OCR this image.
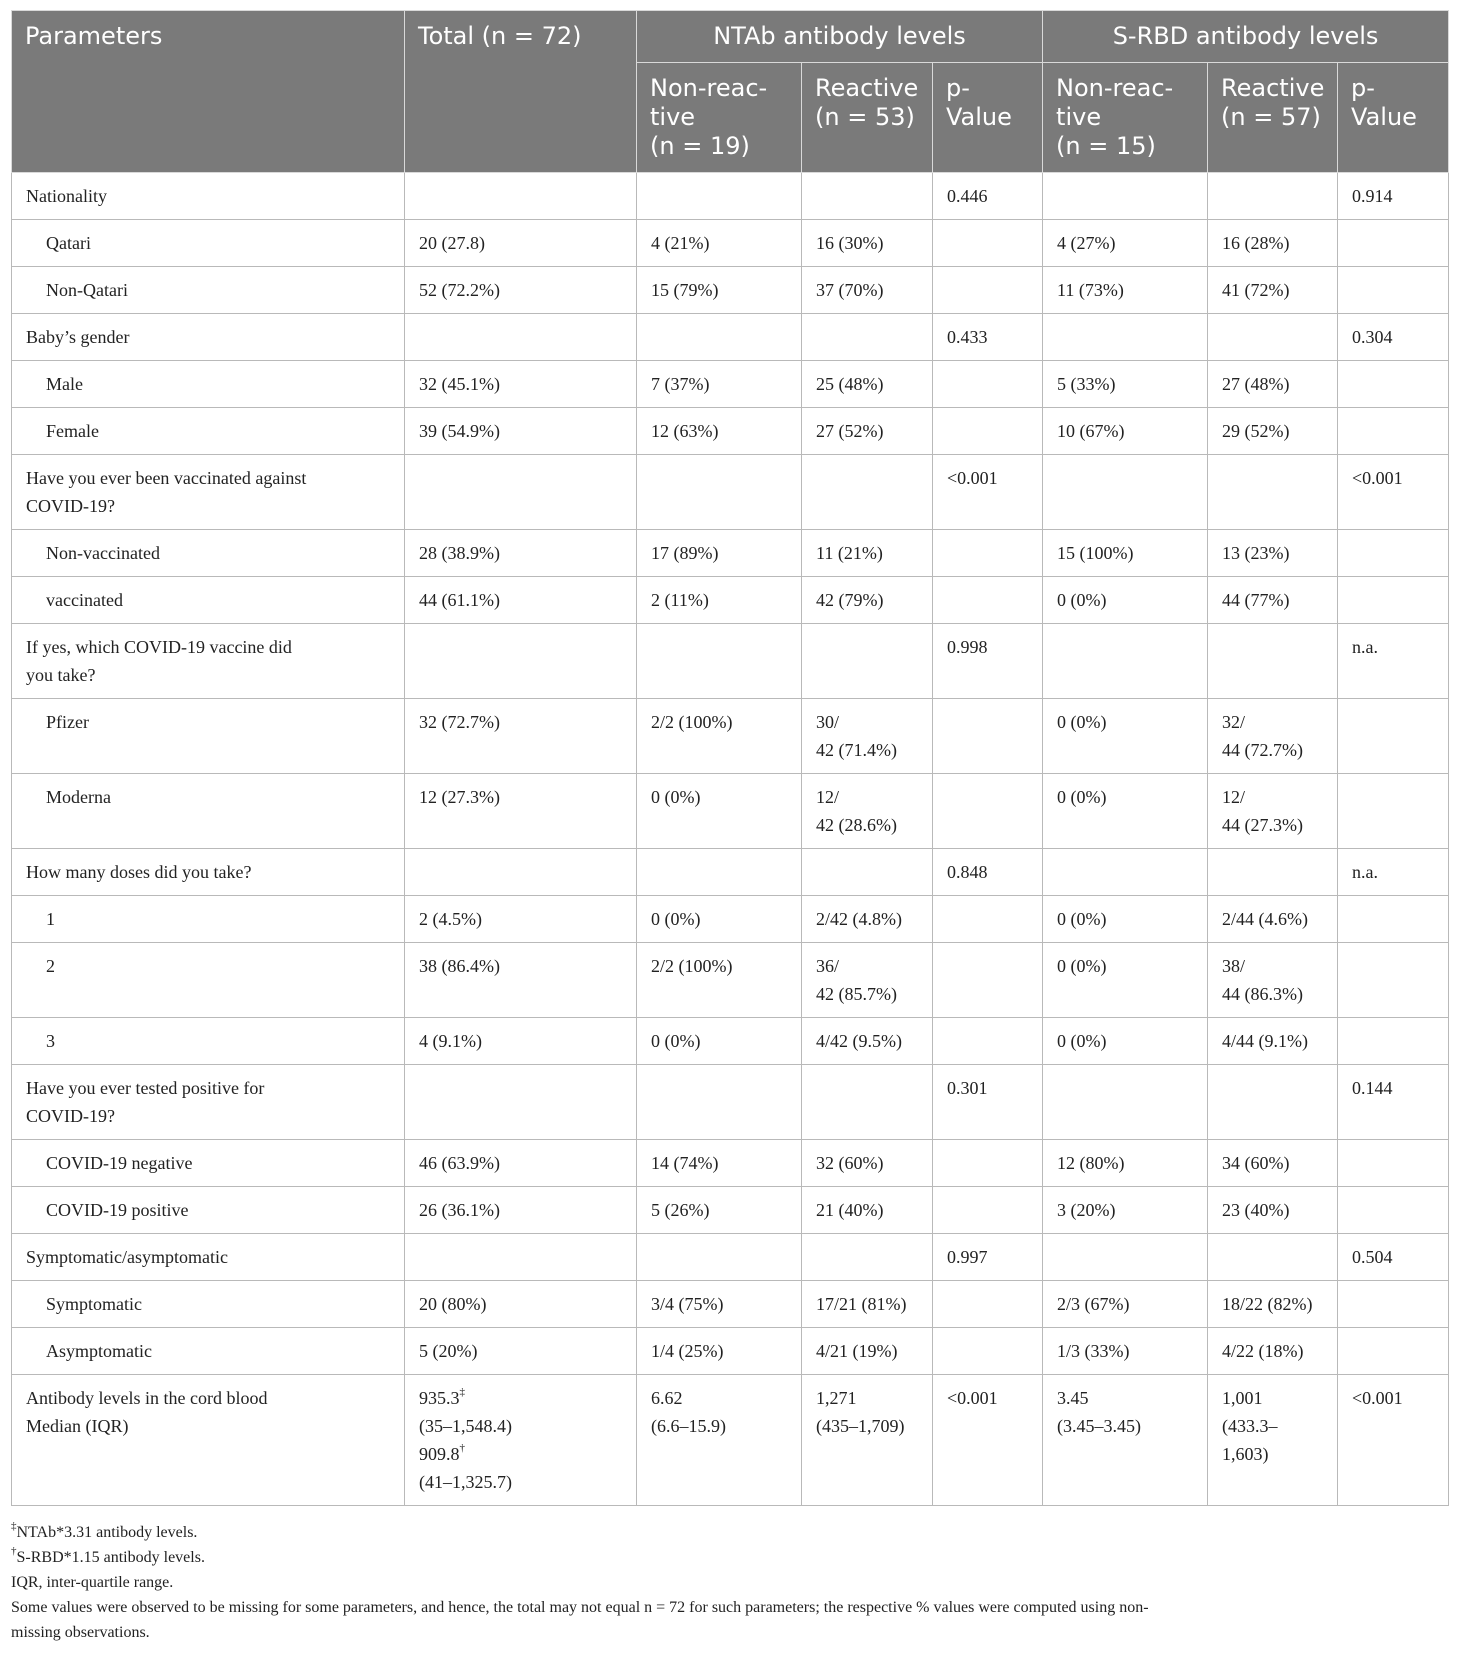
Parameters	Total (n = 72)	NTAb antibody levels			S-RBD antibody levels		

		Non-reac-
tive
(n = 19)	Reactive
(n = 53)	p-
Value	Non-reac-
tive
(n = 15)	Reactive
(n = 57)	p-
Value

Nationality				0.446			0.914

Qatari	20 (27.8)	4 (21%)	16 (30%)		4 (27%)	16 (28%)	

Non-Qatari	52 (72.2%)	15 (79%)	37 (70%)		11 (73%)	41 (72%)	

Baby’s gender				0.433			0.304

Male	32 (45.1%)	7 (37%)	25 (48%)		5 (33%)	27 (48%)	

Female	39 (54.9%)	12 (63%)	27 (52%)		10 (67%)	29 (52%)	

Have you ever been vaccinated against
COVID-19?				<0.001			<0.001

Non-vaccinated	28 (38.9%)	17 (89%)	11 (21%)		15 (100%)	13 (23%)	

vaccinated	44 (61.1%)	2 (11%)	42 (79%)		0 (0%)	44 (77%)	

If yes, which COVID-19 vaccine did
you take?				0.998			n.a.

Pfizer	32 (72.7%)	2/2 (100%)	30/
42 (71.4%)		0 (0%)	32/
44 (72.7%)	

Moderna	12 (27.3%)	0 (0%)	12/
42 (28.6%)		0 (0%)	12/
44 (27.3%)	

How many doses did you take?				0.848			n.a.

1	2 (4.5%)	0 (0%)	2/42 (4.8%)		0 (0%)	2/44 (4.6%)	

2	38 (86.4%)	2/2 (100%)	36/
42 (85.7%)		0 (0%)	38/
44 (86.3%)	

3	4 (9.1%)	0 (0%)	4/42 (9.5%)		0 (0%)	4/44 (9.1%)	

Have you ever tested positive for
COVID-19?				0.301			0.144

COVID-19 negative	46 (63.9%)	14 (74%)	32 (60%)		12 (80%)	34 (60%)	

COVID-19 positive	26 (36.1%)	5 (26%)	21 (40%)		3 (20%)	23 (40%)	

Symptomatic/asymptomatic				0.997			0.504

Symptomatic	20 (80%)	3/4 (75%)	17/21 (81%)		2/3 (67%)	18/22 (82%)	

Asymptomatic	5 (20%)	1/4 (25%)	4/21 (19%)		1/3 (33%)	4/22 (18%)	

Antibody levels in the cord blood
Median (IQR)	935.3‡
(35–1,548.4)
909.8†
(41–1,325.7)	6.62
(6.6–15.9)	1,271
(435–1,709)	<0.001	3.45
(3.45–3.45)	1,001
(433.3–
1,603)	<0.001
‡NTAb*3.31 antibody levels.
†S-RBD*1.15 antibody levels.
IQR, inter-quartile range.
Some values were observed to be missing for some parameters, and hence, the total may not equal n = 72 for such parameters; the respective % values were computed using non-
missing observations.
